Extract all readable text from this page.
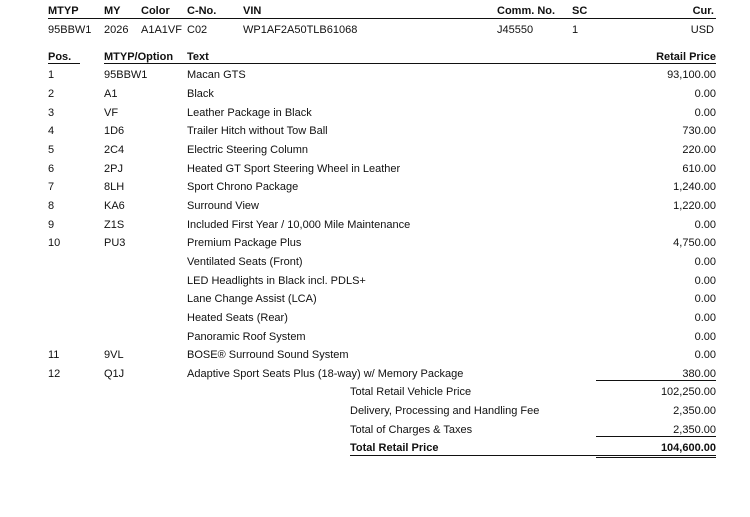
MTYP MY Color C-No. VIN	Comm. No. SC	Cur.
95BBW1 2026 A1A1VF C02	WP1AF2A50TLB61068	J45550	1	USD
Pos.	MTYP/Option Text	Retail Price
1	95BBW1	Macan GTS	93,100.00
2	A1	Black	0.00
3	VF	Leather Package in Black	0.00
4	1D6	Trailer Hitch without Tow Ball	730.00
5	2C4	Electric Steering Column	220.00
6	2PJ	Heated GT Sport Steering Wheel in Leather	610.00
7	8LH	Sport Chrono Package	1,240.00
8	KA6	Surround View	1,220.00
9	Z1S	Included First Year / 10,000 Mile Maintenance	0.00
10	PU3	Premium Package Plus	4,750.00
Ventilated Seats (Front)	0.00
LED Headlights in Black incl. PDLS+	0.00
Lane Change Assist (LCA)	0.00
Heated Seats (Rear)	0.00
Panoramic Roof System	0.00
11	9VL	BOSE® Surround Sound System	0.00
12	Q1J	Adaptive Sport Seats Plus (18-way) w/ Memory Package	380.00
Total Retail Vehicle Price	102,250.00
Delivery, Processing and Handling Fee	2,350.00
Total of Charges & Taxes	2,350.00
Total Retail Price	104,600.00
